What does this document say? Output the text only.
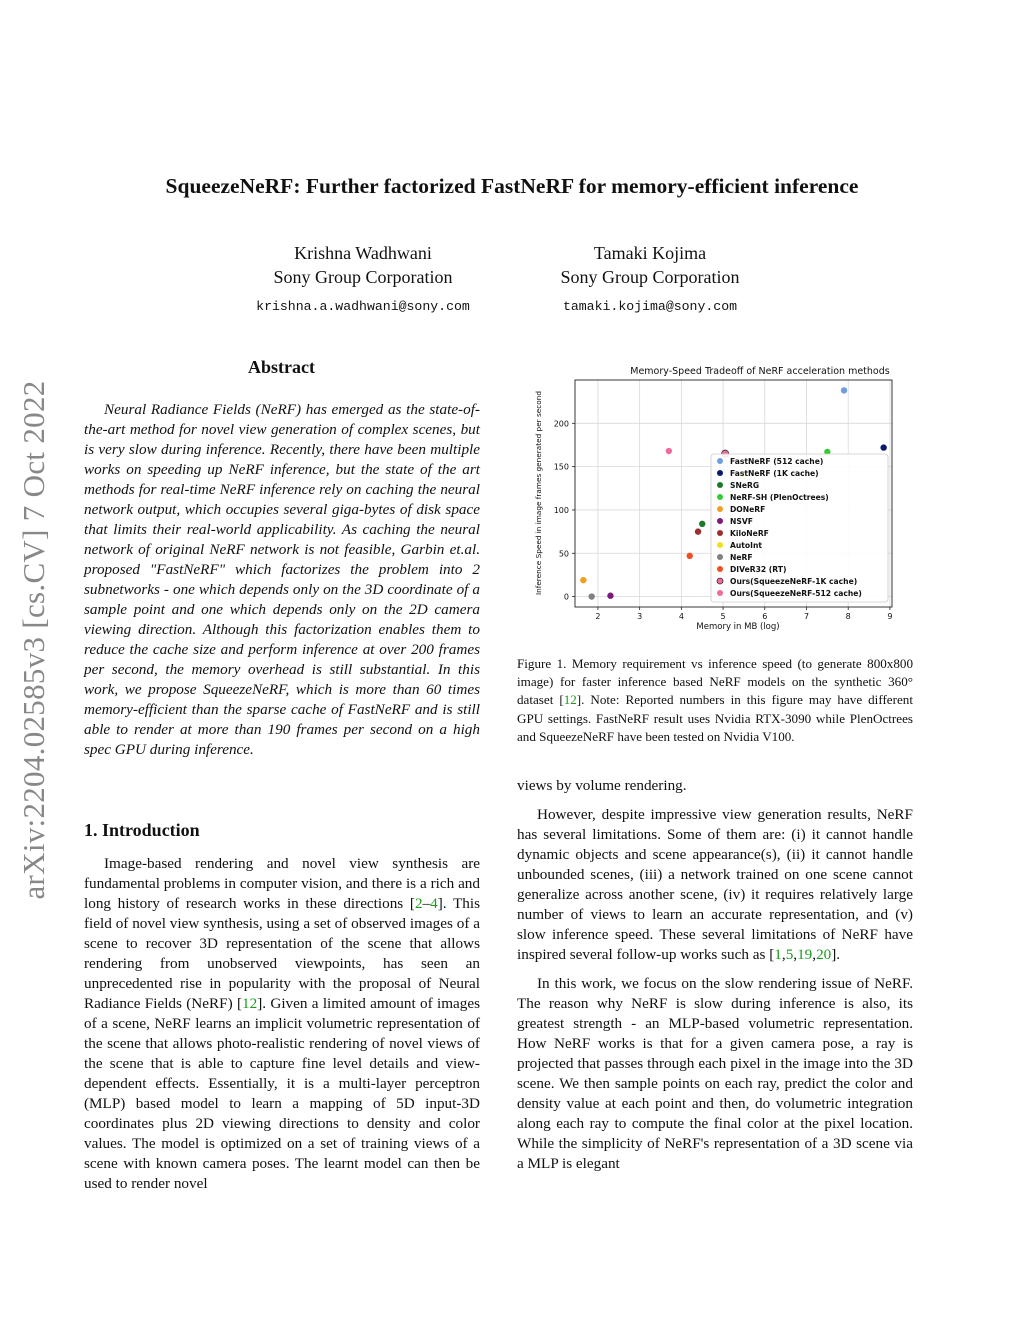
arXiv:2204.02585v3 [cs.CV] 7 Oct 2022
SqueezeNeRF: Further factorized FastNeRF for memory-efficient inference
Krishna Wadhwani
Sony Group Corporation
krishna.a.wadhwani@sony.com
Tamaki Kojima
Sony Group Corporation
tamaki.kojima@sony.com
Abstract

Neural Radiance Fields (NeRF) has emerged as the state-of-the-art method for novel view generation of complex scenes, but is very slow during inference. Recently, there have been multiple works on speeding up NeRF inference, but the state of the art methods for real-time NeRF inference rely on caching the neural network output, which occupies several giga-bytes of disk space that limits their real-world applicability. As caching the neural network of original NeRF network is not feasible, Garbin et.al. proposed "FastNeRF" which factorizes the problem into 2 subnetworks - one which depends only on the 3D coordinate of a sample point and one which depends only on the 2D camera viewing direction. Although this factorization enables them to reduce the cache size and perform inference at over 200 frames per second, the memory overhead is still substantial. In this work, we propose SqueezeNeRF, which is more than 60 times memory-efficient than the sparse cache of FastNeRF and is still able to render at more than 190 frames per second on a high spec GPU during inference.

1. Introduction

Image-based rendering and novel view synthesis are fundamental problems in computer vision, and there is a rich and long history of research works in these directions [2–4]. This field of novel view synthesis, using a set of observed images of a scene to recover 3D representation of the scene that allows rendering from unobserved viewpoints, has seen an unprecedented rise in popularity with the proposal of Neural Radiance Fields (NeRF) [12]. Given a limited amount of images of a scene, NeRF learns an implicit volumetric representation of the scene that allows photo-realistic rendering of novel views of the scene that is able to capture fine level details and view-dependent effects. Essentially, it is a multi-layer perceptron (MLP) based model to learn a mapping of 5D input-3D coordinates plus 2D viewing directions to density and color values. The model is optimized on a set of training views of a scene with known camera poses. The learnt model can then be used to render novel

Memory-Speed Tradeoff of NeRF acceleration methods
2	3	4	5	6	7	8	9
0
50
100
150
200
Memory in MB (log)
Inference Speed in image frames generated per second	FastNeRF (512 cache)
FastNeRF (1K cache)
SNeRG
NeRF-SH (PlenOctrees)
DONeRF
NSVF
KiloNeRF
AutoInt
NeRF
DIVeR32 (RT)
Ours(SqueezeNeRF-1K cache)
Ours(SqueezeNeRF-512 cache)
Figure 1. Memory requirement vs inference speed (to generate 800x800 image) for faster inference based NeRF models on the synthetic 360° dataset [12]. Note: Reported numbers in this figure may have different GPU settings. FastNeRF result uses Nvidia RTX-3090 while PlenOctrees and SqueezeNeRF have been tested on Nvidia V100.

views by volume rendering.

However, despite impressive view generation results, NeRF has several limitations. Some of them are: (i) it cannot handle dynamic objects and scene appearance(s), (ii) it cannot handle unbounded scenes, (iii) a network trained on one scene cannot generalize across another scene, (iv) it requires relatively large number of views to learn an accurate representation, and (v) slow inference speed. These several limitations of NeRF have inspired several follow-up works such as [1,5,19,20].

In this work, we focus on the slow rendering issue of NeRF. The reason why NeRF is slow during inference is also, its greatest strength - an MLP-based volumetric representation. How NeRF works is that for a given camera pose, a ray is projected that passes through each pixel in the image into the 3D scene. We then sample points on each ray, predict the color and density value at each point and then, do volumetric integration along each ray to compute the final color at the pixel location. While the simplicity of NeRF's representation of a 3D scene via a MLP is elegant
